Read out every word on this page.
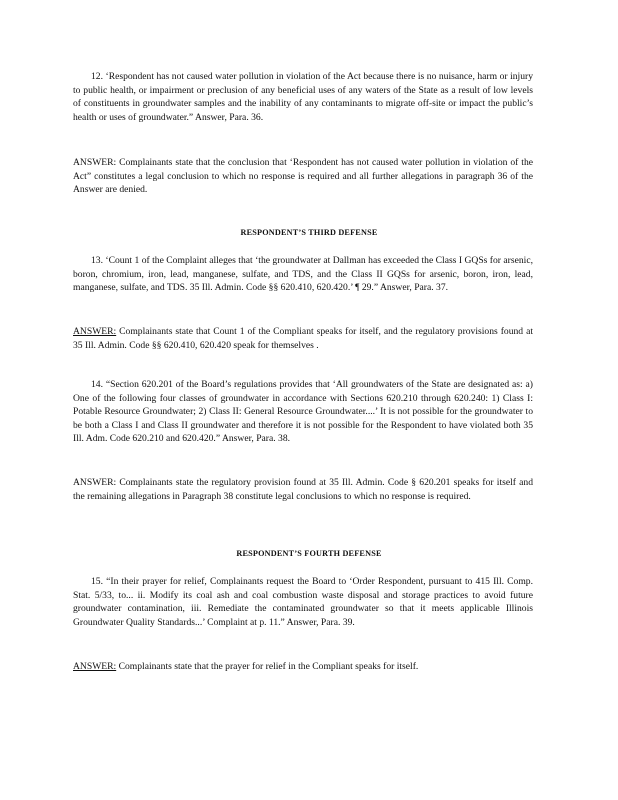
12. ‘Respondent has not caused water pollution in violation of the Act because there is no nuisance, harm or injury to public health, or impairment or preclusion of any beneficial uses of any waters of the State as a result of low levels of constituents in groundwater samples and the inability of any contaminants to migrate off-site or impact the public’s health or uses of groundwater.” Answer, Para. 36.

ANSWER: Complainants state that the conclusion that ‘Respondent has not caused water pollution in violation of the Act” constitutes a legal conclusion to which no response is required and all further allegations in paragraph 36 of the Answer are denied.

RESPONDENT’S THIRD DEFENSE

13. ‘Count 1 of the Complaint alleges that ‘the groundwater at Dallman has exceeded the Class I GQSs for arsenic, boron, chromium, iron, lead, manganese, sulfate, and TDS, and the Class II GQSs for arsenic, boron, iron, lead, manganese, sulfate, and TDS. 35 Ill. Admin. Code §§ 620.410, 620.420.’ ¶ 29.” Answer, Para. 37.

ANSWER: Complainants state that Count 1 of the Compliant speaks for itself, and the regulatory provisions found at 35 Ill. Admin. Code §§ 620.410, 620.420 speak for themselves .

14. “Section 620.201 of the Board’s regulations provides that ‘All groundwaters of the State are designated as: a) One of the following four classes of groundwater in accordance with Sections 620.210 through 620.240: 1) Class I: Potable Resource Groundwater; 2) Class II: General Resource Groundwater....’ It is not possible for the groundwater to be both a Class I and Class II groundwater and therefore it is not possible for the Respondent to have violated both 35 Ill. Adm. Code 620.210 and 620.420.” Answer, Para. 38.

ANSWER: Complainants state the regulatory provision found at 35 Ill. Admin. Code § 620.201 speaks for itself and the remaining allegations in Paragraph 38 constitute legal conclusions to which no response is required.

RESPONDENT’S FOURTH DEFENSE

15. “In their prayer for relief, Complainants request the Board to ‘Order Respondent, pursuant to 415 Ill. Comp. Stat. 5/33, to... ii. Modify its coal ash and coal combustion waste disposal and storage practices to avoid future groundwater contamination, iii. Remediate the contaminated groundwater so that it meets applicable Illinois Groundwater Quality Standards...’ Complaint at p. 11.” Answer, Para. 39.

ANSWER: Complainants state that the prayer for relief in the Compliant speaks for itself.
